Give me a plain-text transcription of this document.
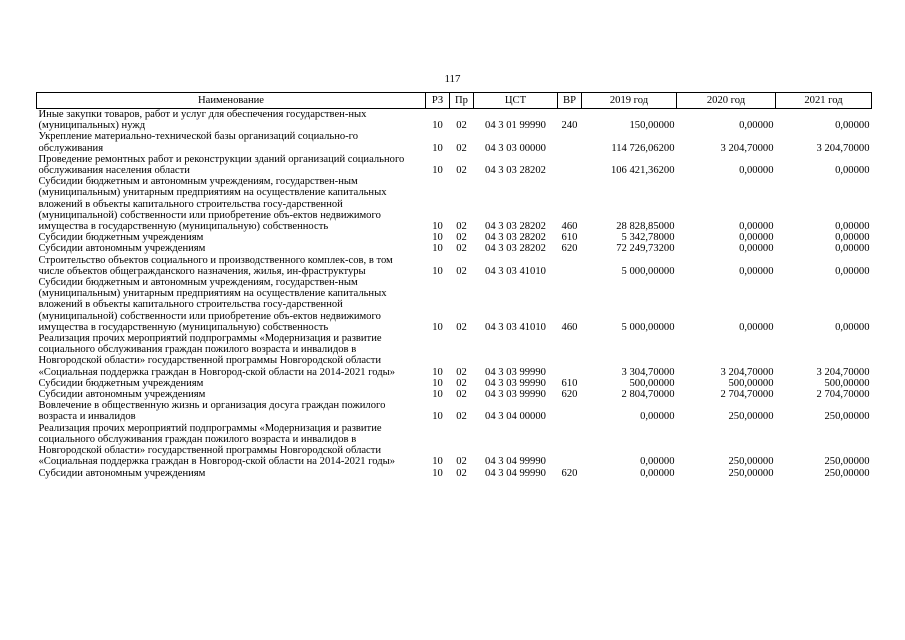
117
Наименование	РЗ	Пр	ЦСТ	ВР	2019 год	2020 год	2021 год
Иные закупки товаров, работ и услуг для обеспечения государствен-ных (муниципальных) нужд	10	02	04 3 01 99990	240	150,00000	0,00000	0,00000
Укрепление материально-технической базы организаций социально-го обслуживания	10	02	04 3 03 00000		114 726,06200	3 204,70000	3 204,70000
Проведение ремонтных работ и реконструкции зданий организаций социального обслуживания населения области	10	02	04 3 03 28202		106 421,36200	0,00000	0,00000
Субсидии бюджетным и автономным учреждениям, государствен-ным (муниципальным) унитарным предприятиям на осуществление капитальных вложений в объекты капитального строительства госу-дарственной (муниципальной) собственности или приобретение объ-ектов недвижимого имущества в государственную (муниципальную) собственность	10	02	04 3 03 28202	460	28 828,85000	0,00000	0,00000
Субсидии бюджетным учреждениям	10	02	04 3 03 28202	610	5 342,78000	0,00000	0,00000
Субсидии автономным учреждениям	10	02	04 3 03 28202	620	72 249,73200	0,00000	0,00000
Строительство объектов социального и производственного комплек-сов, в том числе объектов общегражданского назначения, жилья, ин-фраструктуры	10	02	04 3 03 41010		5 000,00000	0,00000	0,00000
Субсидии бюджетным и автономным учреждениям, государствен-ным (муниципальным) унитарным предприятиям на осуществление капитальных вложений в объекты капитального строительства госу-дарственной (муниципальной) собственности или приобретение объ-ектов недвижимого имущества в государственную (муниципальную) собственность	10	02	04 3 03 41010	460	5 000,00000	0,00000	0,00000
Реализация прочих мероприятий подпрограммы «Модернизация и развитие социального обслуживания граждан пожилого возраста и инвалидов в Новгородской области» государственной программы Новгородской области «Социальная поддержка граждан в Новгород-ской области на 2014-2021 годы»	10	02	04 3 03 99990		3 304,70000	3 204,70000	3 204,70000
Субсидии бюджетным учреждениям	10	02	04 3 03 99990	610	500,00000	500,00000	500,00000
Субсидии автономным учреждениям	10	02	04 3 03 99990	620	2 804,70000	2 704,70000	2 704,70000
Вовлечение в общественную жизнь и организация досуга граждан пожилого возраста и инвалидов	10	02	04 3 04 00000		0,00000	250,00000	250,00000
Реализация прочих мероприятий подпрограммы «Модернизация и развитие социального обслуживания граждан пожилого возраста и инвалидов в Новгородской области» государственной программы Новгородской области «Социальная поддержка граждан в Новгород-ской области на 2014-2021 годы»	10	02	04 3 04 99990		0,00000	250,00000	250,00000
Субсидии автономным учреждениям	10	02	04 3 04 99990	620	0,00000	250,00000	250,00000
